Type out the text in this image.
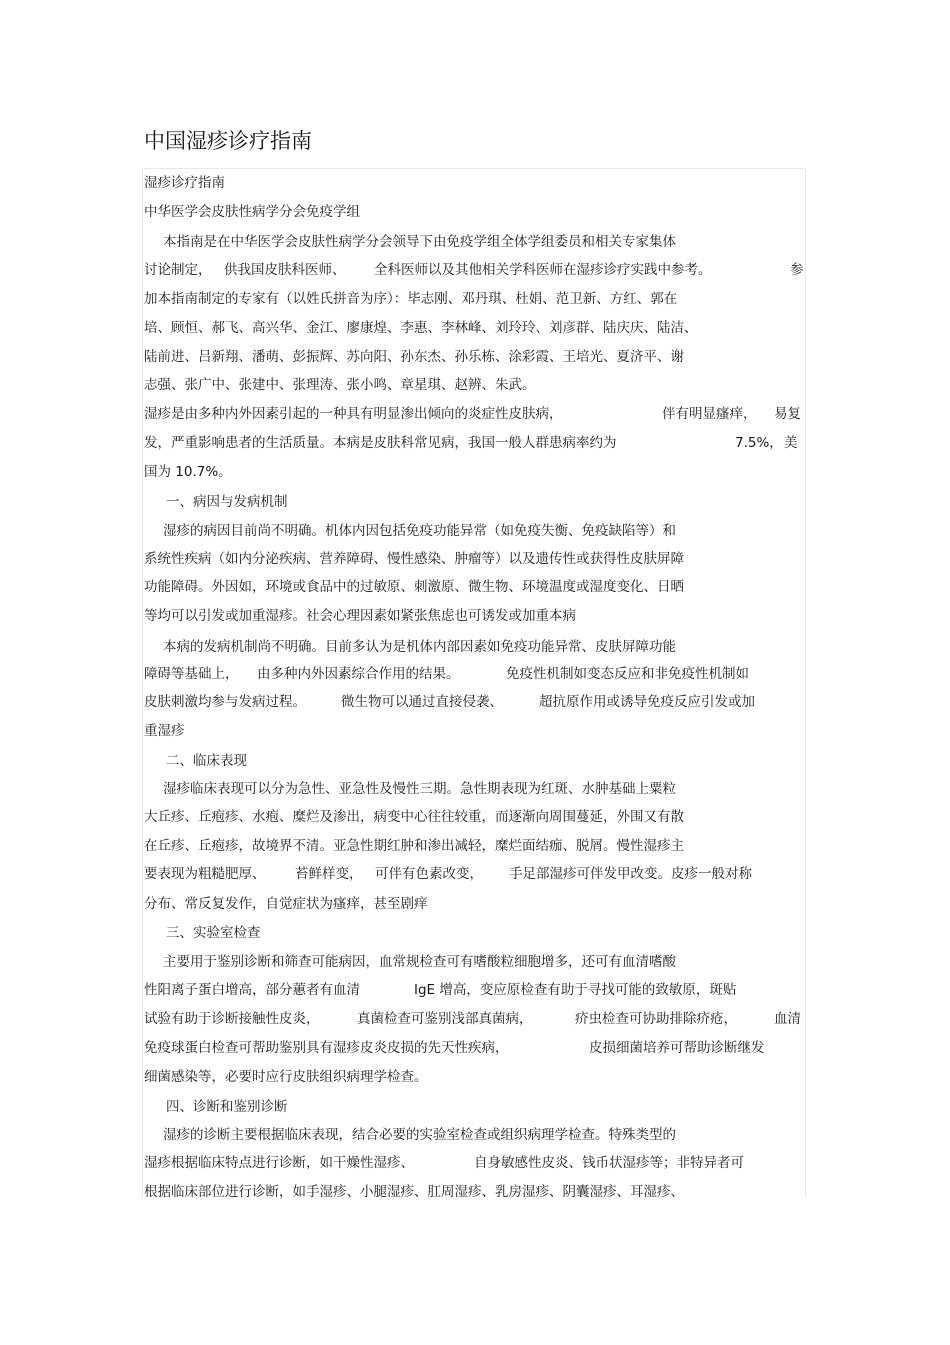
中国湿疹诊疗指南

湿疹诊疗指南

中华医学会皮肤性病学分会免疫学组

本指南是在中华医学会皮肤性病学分会领导下由免疫学组全体学组委员和相关专家集体

讨论制定， 供我国皮肤科医师、 全科医师以及其他相关学科医师在湿疹诊疗实践中参考。	参

加本指南制定的专家有（以姓氏拼音为序）：毕志刚、邓丹琪、杜娟、范卫新、方红、郭在

培、顾恒、郝飞、高兴华、金江、廖康煌、李惠、李林峰、刘玲玲、刘彦群、陆庆庆、陆洁、

陆前进、吕新翔、潘萌、彭振辉、苏向阳、孙东杰、孙乐栋、涂彩霞、王培光、夏济平、谢

志强、张广中、张建中、张理涛、张小鸣、章星琪、赵辨、朱武。

湿疹是由多种内外因素引起的一种具有明显渗出倾向的炎症性皮肤病，	伴有明显瘙痒， 易复

发，严重影响患者的生活质量。本病是皮肤科常见病，我国一般人群患病率约为	7.5%， 美

国为 10.7%。

一、病因与发病机制

湿疹的病因目前尚不明确。机体内因包括免疫功能异常（如免疫失衡、免疫缺陷等）和

系统性疾病（如内分泌疾病、营养障碍、慢性感染、肿瘤等）以及遗传性或获得性皮肤屏障

功能障碍。外因如，环境或食品中的过敏原、刺激原、微生物、环境温度或湿度变化、日晒

等均可以引发或加重湿疹。社会心理因素如紧张焦虑也可诱发或加重本病

本病的发病机制尚不明确。目前多认为是机体内部因素如免疫功能异常、皮肤屏障功能

障碍等基础上， 由多种内外因素综合作用的结果。	免疫性机制如变态反应和非免疫性机制如

皮肤刺激均参与发病过程。	微生物可以通过直接侵袭、	超抗原作用或诱导免疫反应引发或加

重湿疹

二、临床表现

湿疹临床表现可以分为急性、亚急性及慢性三期。急性期表现为红斑、水肿基础上粟粒

大丘疹、丘疱疹、水疱、糜烂及渗出，病变中心往往较重，而逐渐向周围蔓延，外围又有散

在丘疹、丘疱疹，故境界不清。亚急性期红肿和渗出减轻，糜烂面结痂、脱屑。慢性湿疹主

要表现为粗糙肥厚、 苔鲜样变， 可伴有色素改变， 手足部湿疹可伴发甲改变。皮疹一般对称

分布、常反复发作，自觉症状为瘙痒，甚至剧痒

三、实验室检查

主要用于鉴别诊断和筛查可能病因，血常规检查可有嗜酸粒细胞增多，还可有血清嗜酸

性阳离子蛋白增高，部分蕙者有血清	IgE 增高，变应原检查有助于寻找可能的致敏原，斑贴

试验有助于诊断接触性皮炎，	真菌检查可鉴别浅部真菌病，	疥虫检查可协助排除疥疮，	血清

免疫球蛋白检查可帮助鉴别具有湿疹皮炎皮损的先天性疾病，	皮损细菌培养可帮助诊断继发

细菌感染等，必要时应行皮肤组织病理学检查。

四、诊断和鉴别诊断

湿疹的诊断主要根据临床表现，结合必要的实验室检查或组织病理学检查。特殊类型的

湿疹根据临床特点进行诊断，如干燥性湿疹、	自身敏感性皮炎、钱币状湿疹等；非特异者可

根据临床部位进行诊断，如手湿疹、小腿湿疹、肛周湿疹、乳房湿疹、阴囊湿疹、耳湿疹、
